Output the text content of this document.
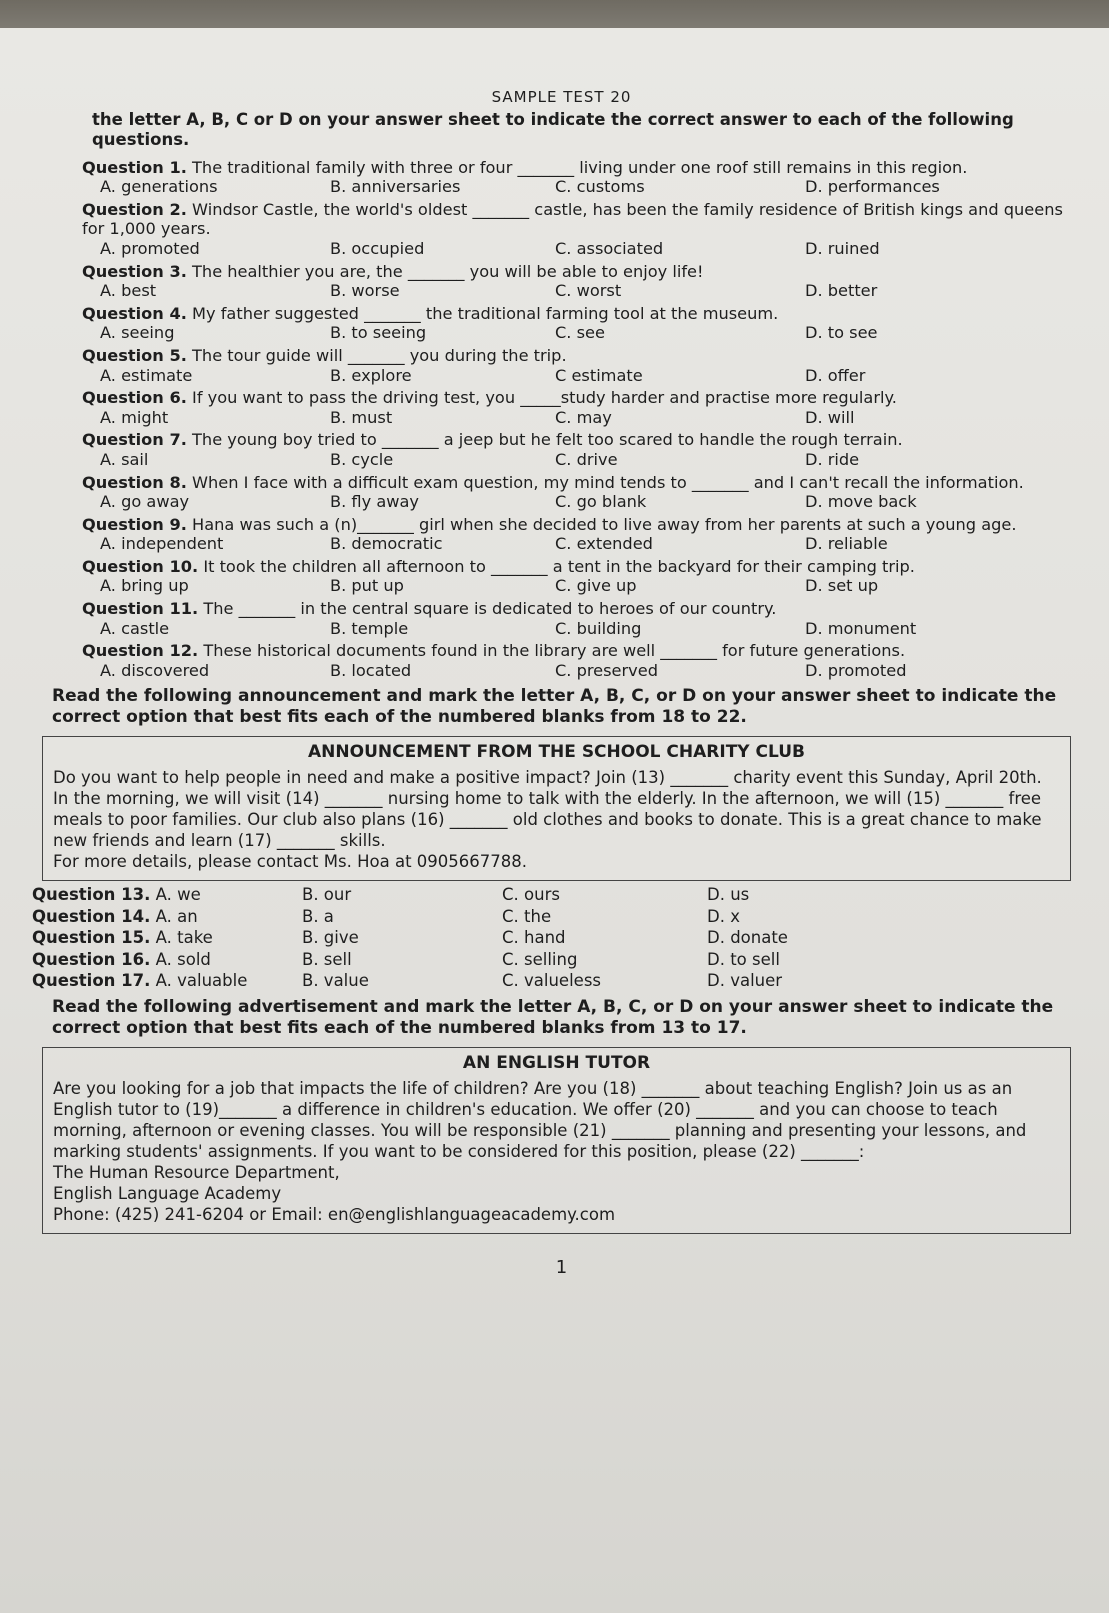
SAMPLE TEST 20
the letter A, B, C or D on your answer sheet to indicate the correct answer to each of the following questions.
Question 1. The traditional family with three or four _______ living under one roof still remains in this region.
A. generations	B. anniversaries	C. customs	D. performances
Question 2. Windsor Castle, the world's oldest _______ castle, has been the family residence of British kings and queens for 1,000 years.
A. promoted	B. occupied	C. associated	D. ruined
Question 3. The healthier you are, the _______ you will be able to enjoy life!
A. best	B. worse	C. worst	D. better
Question 4. My father suggested _______ the traditional farming tool at the museum.
A. seeing	B. to seeing	C. see	D. to see
Question 5. The tour guide will _______ you during the trip.
A. estimate	B. explore	C estimate	D. offer
Question 6. If you want to pass the driving test, you _____study harder and practise more regularly.
A. might	B. must	C. may	D. will
Question 7. The young boy tried to _______ a jeep but he felt too scared to handle the rough terrain.
A. sail	B. cycle	C. drive	D. ride
Question 8. When I face with a difficult exam question, my mind tends to _______ and I can't recall the information.
A. go away	B. fly away	C. go blank	D. move back
Question 9. Hana was such a (n)_______ girl when she decided to live away from her parents at such a young age.
A. independent	B. democratic	C. extended	D. reliable
Question 10. It took the children all afternoon to _______ a tent in the backyard for their camping trip.
A. bring up	B. put up	C. give up	D. set up
Question 11. The _______ in the central square is dedicated to heroes of our country.
A. castle	B. temple	C. building	D. monument
Question 12. These historical documents found in the library are well _______ for future generations.
A. discovered	B. located	C. preserved	D. promoted
Read the following announcement and mark the letter A, B, C, or D on your answer sheet to indicate the correct option that best fits each of the numbered blanks from 18 to 22.
ANNOUNCEMENT FROM THE SCHOOL CHARITY CLUB

Do you want to help people in need and make a positive impact? Join (13) _______ charity event this Sunday, April 20th. In the morning, we will visit (14) _______ nursing home to talk with the elderly. In the afternoon, we will (15) _______ free meals to poor families. Our club also plans (16) _______ old clothes and books to donate. This is a great chance to make new friends and learn (17) _______ skills.

For more details, please contact Ms. Hoa at 0905667788.

Question 13. A. we	B. our	C. ours	D. us
Question 14. A. an	B. a	C. the	D. x
Question 15. A. take	B. give	C. hand	D. donate
Question 16. A. sold	B. sell	C. selling	D. to sell
Question 17. A. valuable	B. value	C. valueless	D. valuer
Read the following advertisement and mark the letter A, B, C, or D on your answer sheet to indicate the correct option that best fits each of the numbered blanks from 13 to 17.
AN ENGLISH TUTOR

Are you looking for a job that impacts the life of children? Are you (18) _______ about teaching English? Join us as an English tutor to (19)_______ a difference in children's education. We offer (20) _______ and you can choose to teach morning, afternoon or evening classes. You will be responsible (21) _______ planning and presenting your lessons, and marking students' assignments. If you want to be considered for this position, please (22) _______:

The Human Resource Department,

English Language Academy

Phone: (425) 241-6204 or Email: en@englishlanguageacademy.com

1
